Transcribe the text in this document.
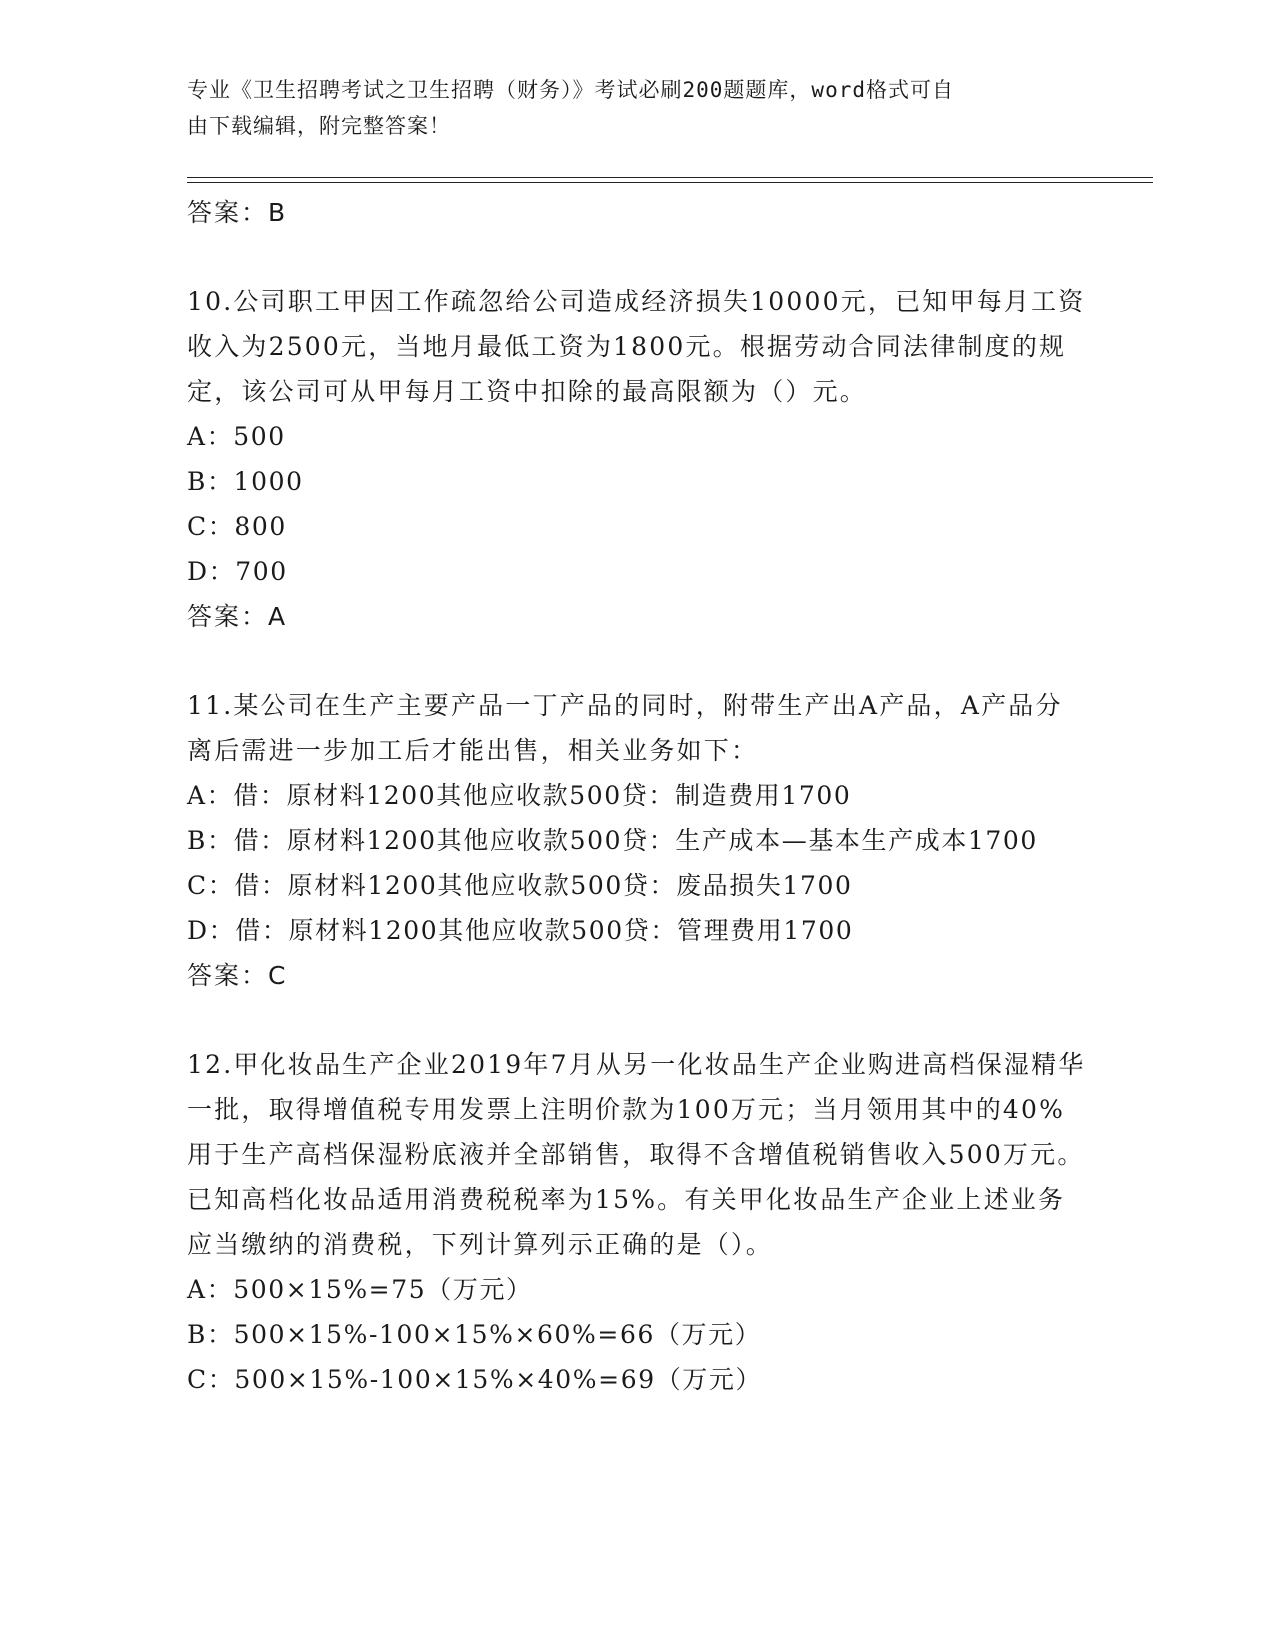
专业《卫生招聘考试之卫生招聘（财务）》考试必刷200题题库，word格式可自
由下载编辑，附完整答案！

答案：B

10.公司职工甲因工作疏忽给公司造成经济损失10000元，已知甲每月工资收入为2500元，当地月最低工资为1800元。根据劳动合同法律制度的规定，该公司可从甲每月工资中扣除的最高限额为（）元。

A：500

B：1000

C：800

D：700

答案：A

11.某公司在生产主要产品一丁产品的同时，附带生产出A产品，A产品分离后需进一步加工后才能出售，相关业务如下：

A：借：原材料1200其他应收款500贷：制造费用1700

B：借：原材料1200其他应收款500贷：生产成本—基本生产成本1700

C：借：原材料1200其他应收款500贷：废品损失1700

D：借：原材料1200其他应收款500贷：管理费用1700

答案：C

12.甲化妆品生产企业2019年7月从另一化妆品生产企业购进高档保湿精华一批，取得增值税专用发票上注明价款为100万元；当月领用其中的40%用于生产高档保湿粉底液并全部销售，取得不含增值税销售收入500万元。已知高档化妆品适用消费税税率为15%。有关甲化妆品生产企业上述业务应当缴纳的消费税，下列计算列示正确的是（）。

A：500×15%=75（万元）

B：500×15%-100×15%×60%=66（万元）

C：500×15%-100×15%×40%=69（万元）
